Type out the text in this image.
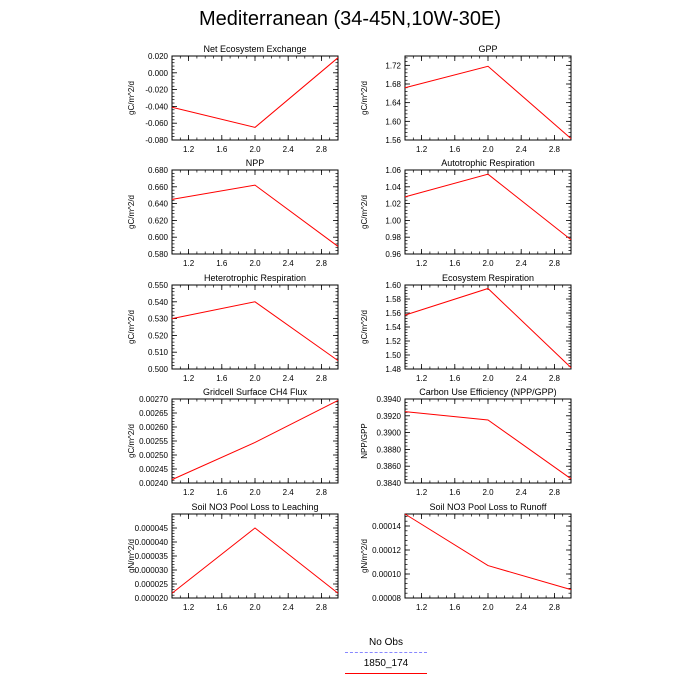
Mediterranean (34-45N,10W-30E)
Net Ecosystem Exchange
gC/m^2/d
1.2	1.6	2.0	2.4	2.8
-0.080
-0.060
-0.040
-0.020
0.000
0.020
GPP
gC/m^2/d
1.2	1.6	2.0	2.4	2.8
1.56
1.60
1.64
1.68
1.72
NPP
gC/m^2/d
1.2	1.6	2.0	2.4	2.8
0.580
0.600
0.620
0.640
0.660
0.680
Autotrophic Respiration
gC/m^2/d
1.2	1.6	2.0	2.4	2.8
0.96
0.98
1.00
1.02
1.04
1.06
Heterotrophic Respiration
gC/m^2/d
1.2	1.6	2.0	2.4	2.8
0.500
0.510
0.520
0.530
0.540
0.550
Ecosystem Respiration
gC/m^2/d
1.2	1.6	2.0	2.4	2.8
1.48
1.50
1.52
1.54
1.56
1.58
1.60
Gridcell Surface CH4 Flux
gC/m^2/d
1.2	1.6	2.0	2.4	2.8
0.00240
0.00245
0.00250
0.00255
0.00260
0.00265
0.00270
Carbon Use Efficiency (NPP/GPP)
NPP/GPP
1.2	1.6	2.0	2.4	2.8
0.3840
0.3860
0.3880
0.3900
0.3920
0.3940
Soil NO3 Pool Loss to Leaching
gN/m^2/d
1.2	1.6	2.0	2.4	2.8
0.000020
0.000025
0.000030
0.000035
0.000040
0.000045
Soil NO3 Pool Loss to Runoff
gN/m^2/d
1.2	1.6	2.0	2.4	2.8
0.00008
0.00010
0.00012
0.00014
No Obs
1850_174
